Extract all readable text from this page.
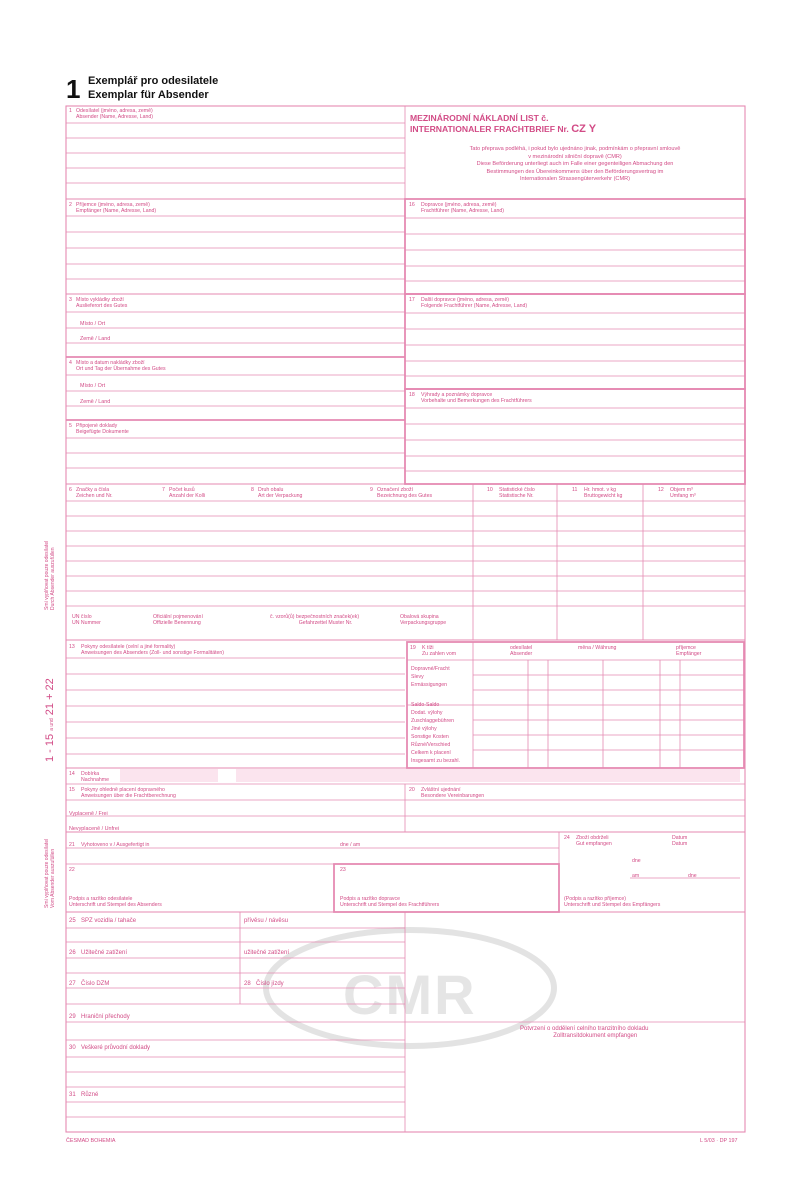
1 Exemplář pro odesilatele
Exemplar für Absender
CMR
MEZINÁRODNÍ NÁKLADNÍ LIST č.
INTERNATIONALER FRACHTBRIEF Nr. CZ Y
Tato přeprava podléhá, i pokud bylo ujednáno jinak, podmínkám o přepravní smlouvě
v mezinárodní silniční dopravě (CMR)
Diese Beförderung unterliegt auch im Falle einer gegenteiligen Abmachung den
Bestimmungen des Übereinkommens über den Beförderungsvertrag im
Internationalen Strassengüterverkehr (CMR)
1 Odesílatel (jméno, adresa, země)
Absender (Name, Adresse, Land)
2 Příjemce (jméno, adresa, země)
Empfänger (Name, Adresse, Land)
3 Místo vykládky zboží
Auslieferort des Gutes
Místo / Ort
Země / Land
4 Místo a datum nakládky zboží
Ort und Tag der Übernahme des Gutes
Místo / Ort
Země / Land
5 Připojené doklady
Beigefügte Dokumente
16 Dopravce (jméno, adresa, země)
Frachtführer (Name, Adresse, Land)
17 Další dopravce (jméno, adresa, země)
Folgende Frachtführer (Name, Adresse, Land)
18 Výhrady a poznámky dopravce
Vorbehalte und Bemerkungen des Frachtführers
6 Značky a čísla
Zeichen und Nr.
7 Počet kusů
Anzahl der Kolli
8 Druh obalu
Art der Verpackung
9 Označení zboží
Bezeichnung des Gutes
10 Statistické číslo
Statistische Nr.
11 Hr. hmot. v kg
Bruttogewicht kg
12 Objem m³
Umfang m³
UN číslo
UN Nummer
Oficiální pojmenování
Offizielle Benennung
č. vzorů(ů) bezpečnostních značek(ek)
Gefahrzettel Muster Nr.
Obalová skupina
Verpackungsgruppe
13 Pokyny odesílatele (celní a jiné formality)
Anweisungen des Absenders (Zoll- und sonstige Formalitäten)
19 K tíži
Zu zahlen vom
odesílatel
Absender
měna / Währung	příjemce
Empfänger
Dopravné/Fracht
Slevy
Ermässigungen
Saldo-Saldo
Dodat. výlohy
Zuschlaggebühren
Jiné výlohy
Sonstige Kosten
Různé/Verschied
Celkem k placení
Insgesamt zu bezahl.
14 Dobírka
Nachnahme
15 Pokyny ohledně placení dopravného
Anweisungen über die Frachtberechnung
Vyplaceně / Frei
Nevyplaceně / Unfrei
20 Zvláštní ujednání
Besondere Vereinbarungen
21 Vyhotoveno v / Ausgefertigt in	dne / am
22
Podpis a razítko odesilatele
Unterschrift und Stempel des Absenders
23
Podpis a razítko dopravce
Unterschrift und Stempel des Frachtführers
24 Zboží obdrželi
Gut empfangen
Datum
Datum
dne
am	dne
(Podpis a razítko příjemce)
Unterschrift und Stempel des Empfängers
25 SPZ vozidla / tahače	přívěsu / návěsu
26 Užitečné zatížení	užitečné zatížení
27 Číslo DZM	28 Číslo jízdy
29 Hraniční přechody
30 Veškeré průvodní doklady
31 Různé
Potvrzení o oddělení celního tranzitního dokladu
Zolltransitdokument empfangen
1 - 15 a und 21 + 22
Smí vyplňovat pouze odesílatel
Durch Absender auszufüllen
Smí vyplňovat pouze odesílatel
Vom Absender auszufüllen
ČESMAD BOHEMIA	L 5/03 · DP 197
